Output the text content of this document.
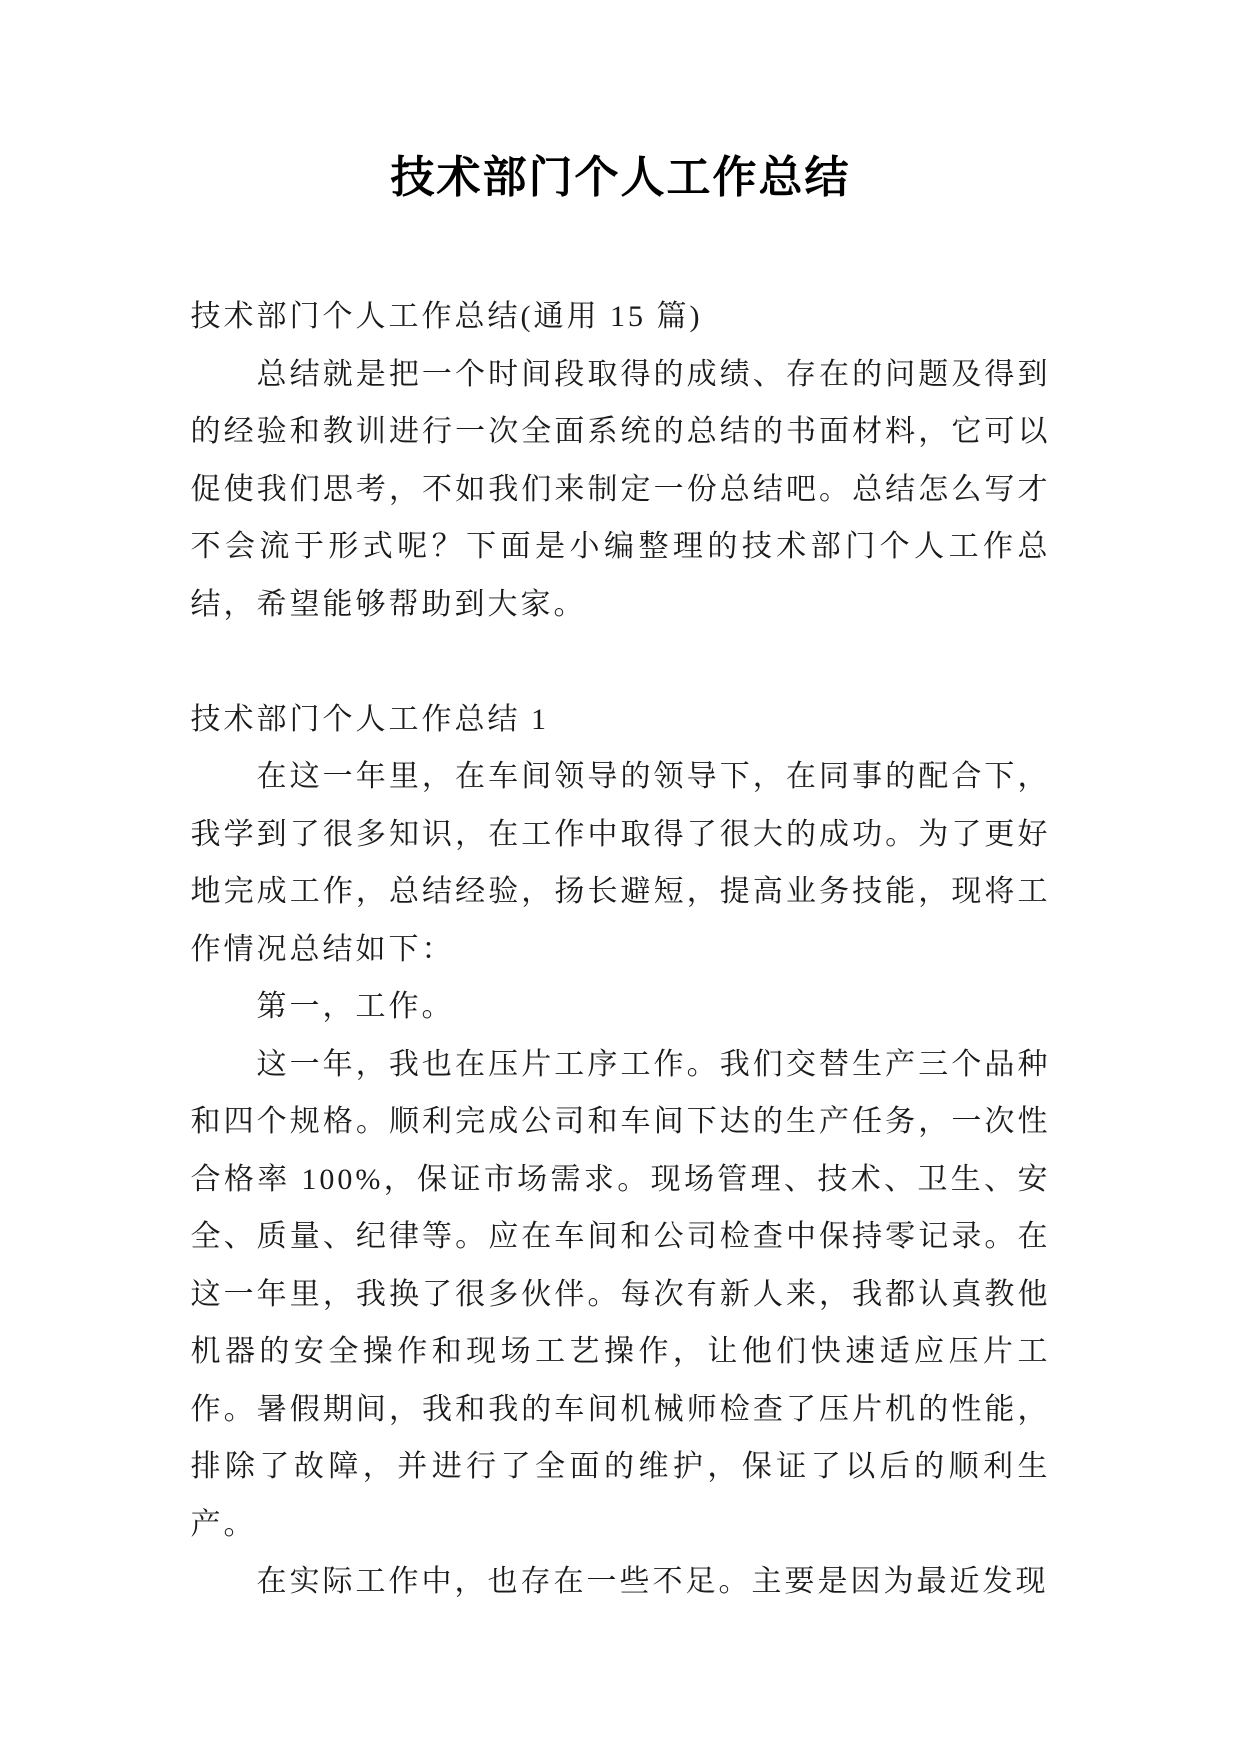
技术部门个人工作总结

技术部门个人工作总结(通用 15 篇)

总结就是把一个时间段取得的成绩、存在的问题及得到的经验和教训进行一次全面系统的总结的书面材料，它可以促使我们思考，不如我们来制定一份总结吧。总结怎么写才不会流于形式呢？下面是小编整理的技术部门个人工作总结，希望能够帮助到大家。

技术部门个人工作总结 1

在这一年里，在车间领导的领导下，在同事的配合下，我学到了很多知识，在工作中取得了很大的成功。为了更好地完成工作，总结经验，扬长避短，提高业务技能，现将工作情况总结如下：

第一，工作。

这一年，我也在压片工序工作。我们交替生产三个品种和四个规格。顺利完成公司和车间下达的生产任务，一次性合格率 100%，保证市场需求。现场管理、技术、卫生、安全、质量、纪律等。应在车间和公司检查中保持零记录。在这一年里，我换了很多伙伴。每次有新人来，我都认真教他机器的安全操作和现场工艺操作，让他们快速适应压片工作。暑假期间，我和我的车间机械师检查了压片机的性能，排除了故障，并进行了全面的维护，保证了以后的顺利生产。

在实际工作中，也存在一些不足。主要是因为最近发现
